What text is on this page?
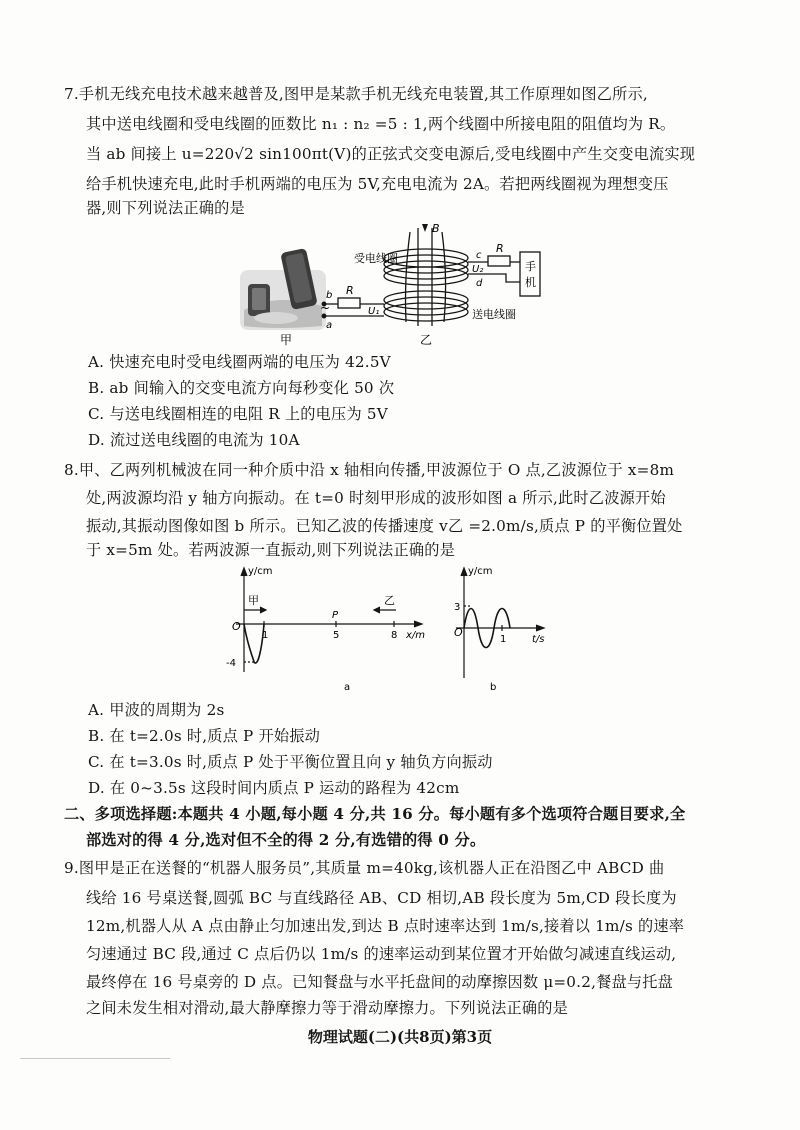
7.手机无线充电技术越来越普及,图甲是某款手机无线充电装置,其工作原理如图乙所示,
其中送电线圈和受电线圈的匝数比 n₁ : n₂ =5 : 1,两个线圈中所接电阻的阻值均为 R。
当 ab 间接上 u=220√2 sin100πt(V)的正弦式交变电源后,受电线圈中产生交变电流实现
给手机快速充电,此时手机两端的电压为 5V,充电电流为 2A。若把两线圈视为理想变压
器,则下列说法正确的是
甲
B
R
c
d
U₂	手
机
受电线圈
送电线圈
R
U₁
b
~
a
乙
A. 快速充电时受电线圈两端的电压为 42.5V
B. ab 间输入的交变电流方向每秒变化 50 次
C. 与送电线圈相连的电阻 R 上的电压为 5V
D. 流过送电线圈的电流为 10A
8.甲、乙两列机械波在同一种介质中沿 x 轴相向传播,甲波源位于 O 点,乙波源位于 x=8m
处,两波源均沿 y 轴方向振动。在 t=0 时刻甲形成的波形如图 a 所示,此时乙波源开始
振动,其振动图像如图 b 所示。已知乙波的传播速度 v乙 =2.0m/s,质点 P 的平衡位置处
于 x=5m 处。若两波源一直振动,则下列说法正确的是
y/cm
甲	乙
P
O
1	5	8 x/m
-4
a
y/cm
3
O
1	t/s
b
A. 甲波的周期为 2s
B. 在 t=2.0s 时,质点 P 开始振动
C. 在 t=3.0s 时,质点 P 处于平衡位置且向 y 轴负方向振动
D. 在 0~3.5s 这段时间内质点 P 运动的路程为 42cm
二、多项选择题:本题共 4 小题,每小题 4 分,共 16 分。每小题有多个选项符合题目要求,全
部选对的得 4 分,选对但不全的得 2 分,有选错的得 0 分。
9.图甲是正在送餐的“机器人服务员”,其质量 m=40kg,该机器人正在沿图乙中 ABCD 曲
线给 16 号桌送餐,圆弧 BC 与直线路径 AB、CD 相切,AB 段长度为 5m,CD 段长度为
12m,机器人从 A 点由静止匀加速出发,到达 B 点时速率达到 1m/s,接着以 1m/s 的速率
匀速通过 BC 段,通过 C 点后仍以 1m/s 的速率运动到某位置才开始做匀减速直线运动,
最终停在 16 号桌旁的 D 点。已知餐盘与水平托盘间的动摩擦因数 μ=0.2,餐盘与托盘
之间未发生相对滑动,最大静摩擦力等于滑动摩擦力。下列说法正确的是
物理试题(二)(共8页)第3页
